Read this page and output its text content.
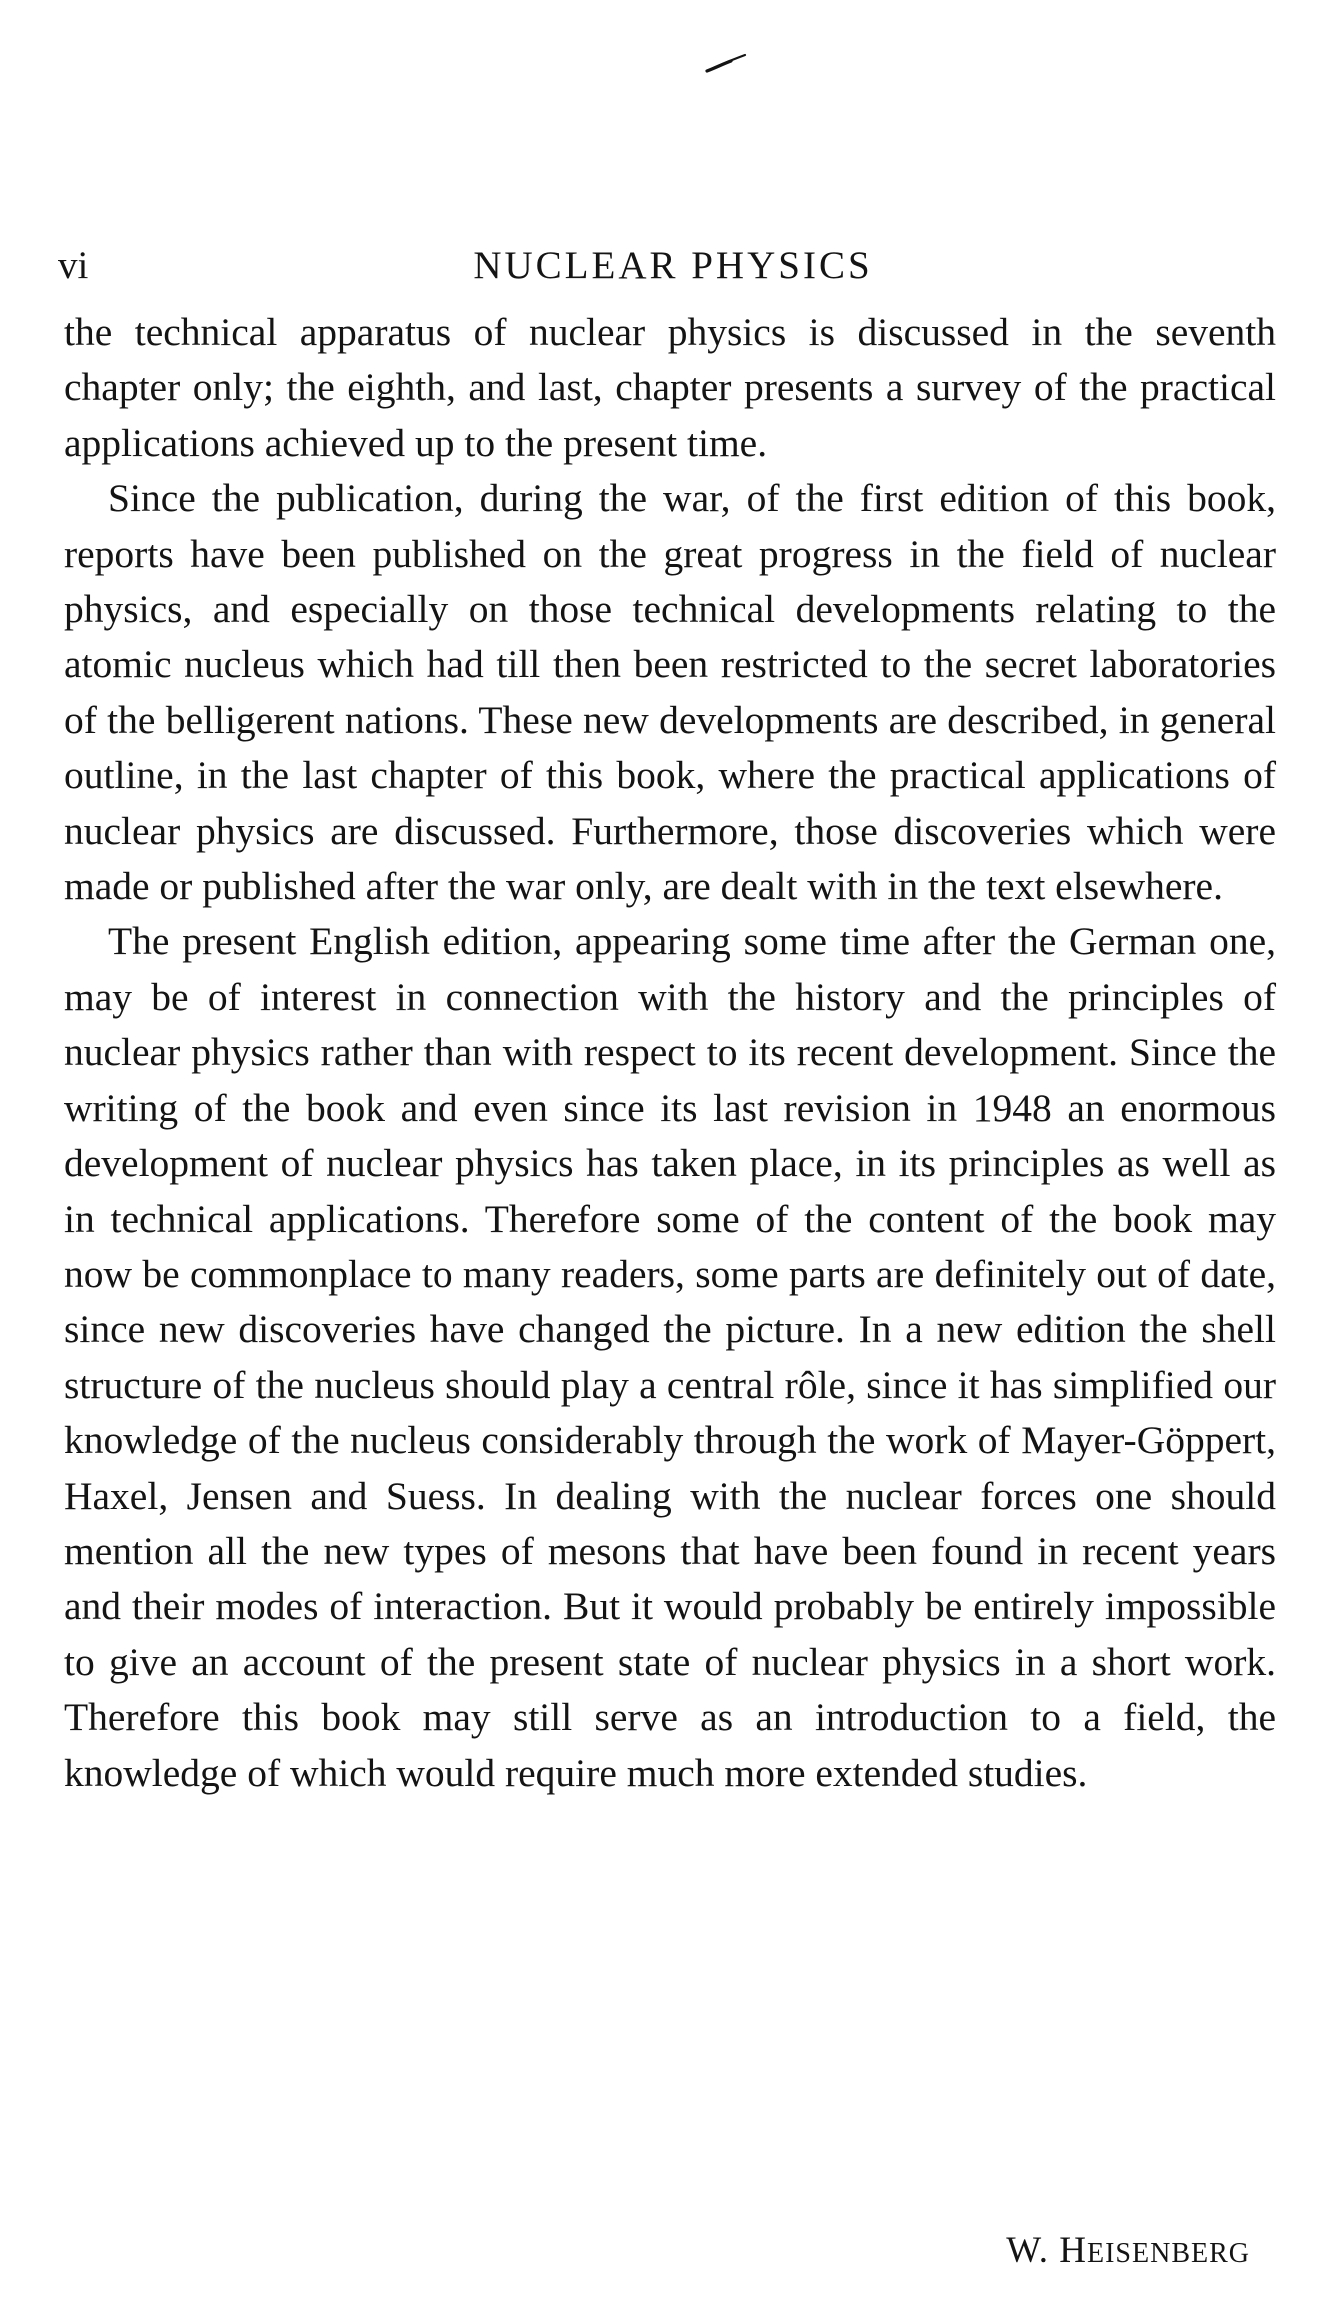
vi	NUCLEAR PHYSICS

the technical apparatus of nuclear physics is discussed in the seventh chapter only; the eighth, and last, chapter presents a survey of the practical applications achieved up to the present time.

Since the publication, during the war, of the first edition of this book, reports have been published on the great progress in the field of nuclear physics, and especially on those technical developments relating to the atomic nucleus which had till then been restricted to the secret laboratories of the belligerent nations. These new developments are described, in general outline, in the last chapter of this book, where the practical applications of nuclear physics are discussed. Furthermore, those discoveries which were made or published after the war only, are dealt with in the text elsewhere.

The present English edition, appearing some time after the German one, may be of interest in connection with the history and the principles of nuclear physics rather than with respect to its recent development. Since the writing of the book and even since its last revision in 1948 an enormous development of nuclear physics has taken place, in its principles as well as in technical applications. Therefore some of the content of the book may now be commonplace to many readers, some parts are definitely out of date, since new discoveries have changed the picture. In a new edition the shell structure of the nucleus should play a central rôle, since it has simplified our knowledge of the nucleus considerably through the work of Mayer-Göppert, Haxel, Jensen and Suess. In dealing with the nuclear forces one should mention all the new types of mesons that have been found in recent years and their modes of interaction. But it would probably be entirely impossible to give an account of the present state of nuclear physics in a short work. Therefore this book may still serve as an introduction to a field, the knowledge of which would require much more extended studies.

W. HEISENBERG
